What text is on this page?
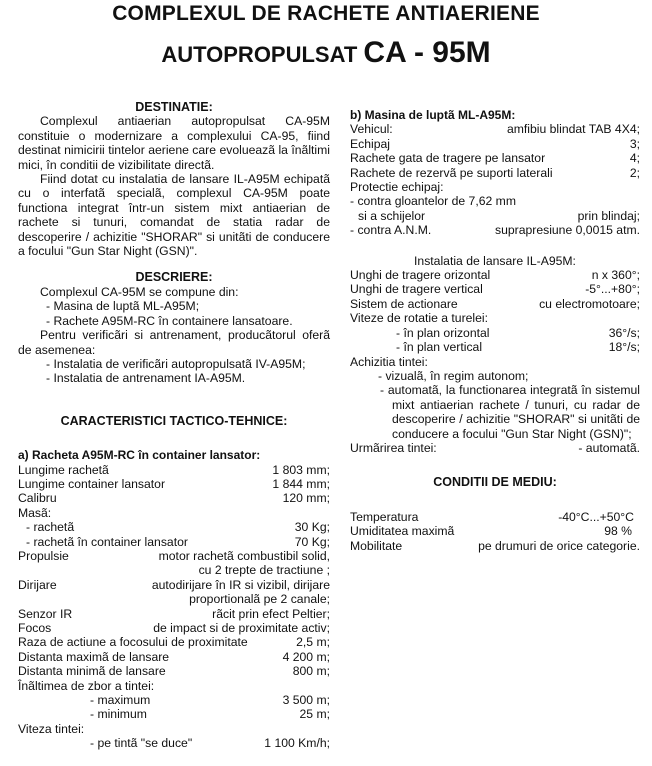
COMPLEXUL DE RACHETE ANTIAERIENE
AUTOPROPULSAT CA - 95M
DESTINATIE:
Complexul antiaerian autopropulsat CA-95M constituie o modernizare a complexului CA-95, fiind destinat nimicirii tintelor aeriene care evolueazã la înãltimi mici, în conditii de vizibilitate directã.
Fiind dotat cu instalatia de lansare IL-A95M echipatã cu o interfatã specialã, complexul CA-95M poate functiona integrat într-un sistem mixt antiaerian de rachete si tunuri, comandat de statia radar de descoperire / achizitie "SHORAR" si unitãti de conducere a focului "Gun Star Night (GSN)".
DESCRIERE:
Complexul CA-95M se compune din:
- Masina de luptã ML-A95M;
- Rachete A95M-RC în containere lansatoare.
Pentru verificãri si antrenament, producãtorul oferã de asemenea:
- Instalatia de verificãri autopropulsatã IV-A95M;
- Instalatia de antrenament IA-A95M.
CARACTERISTICI TACTICO-TEHNICE:
a) Racheta A95M-RC în container lansator:
Lungime rachetã	1 803 mm;
Lungime container lansator	1 844 mm;
Calibru	120 mm;
Masã:
- rachetã	30 Kg;
- rachetã în container lansator	70 Kg;
Propulsie	motor rachetã combustibil solid,
cu 2 trepte de tractiune ;
Dirijare	autodirijare în IR si vizibil, dirijare
proportionalã pe 2 canale;
Senzor IR	rãcit prin efect Peltier;
Focos	de impact si de proximitate activ;
Raza de actiune a focosului de proximitate	2,5 m;
Distanta maximã de lansare	4 200 m;
Distanta minimã de lansare	800 m;
Înãltimea de zbor a tintei:
- maximum	3 500 m;
- minimum	25 m;
Viteza tintei:
- pe tintã "se duce"	1 100 Km/h;
b) Masina de luptã ML-A95M:
Vehicul:	amfibiu blindat TAB 4X4;
Echipaj	3;
Rachete gata de tragere pe lansator	4;
Rachete de rezervã pe suporti laterali	2;
Protectie echipaj:
- contra gloantelor de 7,62 mm
si a schijelor	prin blindaj;
- contra A.N.M.	suprapresiune 0,0015 atm.
Instalatia de lansare IL-A95M:
Unghi de tragere orizontal	n x 360°;
Unghi de tragere vertical	-5°...+80°;
Sistem de actionare	cu electromotoare;
Viteze de rotatie a turelei:
- în plan orizontal	36°/s;
- în plan vertical	18°/s;
Achizitia tintei:
- vizualã, în regim autonom;
- automatã, la functionarea integratã în sistemul mixt antiaerian rachete / tunuri, cu radar de descoperire / achizitie "SHORAR" si unitãti de conducere a focului "Gun Star Night (GSN)";
Urmãrirea tintei:	- automatã.
CONDITII DE MEDIU:
Temperatura	-40°C...+50°C
Umiditatea maximã	98 %
Mobilitate	pe drumuri de orice categorie.
